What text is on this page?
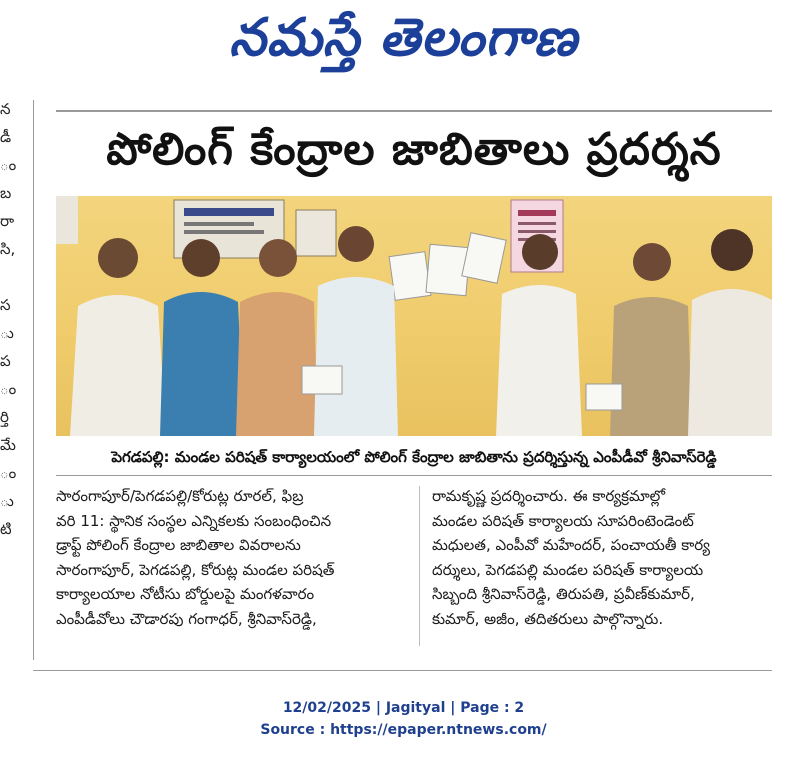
నమస్తే తెలంగాణ
న
డీ
ం
బ
రా
సి,
స
ు
ప
ం
ర్తి
మే
ం
ు
టి
పోలింగ్ కేంద్రాల జాబితాలు ప్రదర్శన
పెగడపల్లి: మండల పరిషత్ కార్యాలయంలో పోలింగ్ కేంద్రాల జాబితాను ప్రదర్శిస్తున్న ఎంపీడీవో శ్రీనివాస్‌రెడ్డి
సారంగాపూర్/పెగడపల్లి/కోరుట్ల రూరల్, ఫిబ్ర
వరి 11: స్థానిక సంస్థల ఎన్నికలకు సంబంధించిన
డ్రాఫ్ట్ పోలింగ్ కేంద్రాల జాబితాల వివరాలను
సారంగాపూర్, పెగడపల్లి, కోరుట్ల మండల పరిషత్
కార్యాలయాల నోటీసు బోర్డులపై మంగళవారం
ఎంపీడీవోలు చౌడారపు గంగాధర్, శ్రీనివాస్‌రెడ్డి,
రామకృష్ణ ప్రదర్శించారు. ఈ కార్యక్రమాల్లో
మండల పరిషత్ కార్యాలయ సూపరింటెండెంట్
మధులత, ఎంపీవో మహేందర్, పంచాయతీ కార్య
దర్శులు, పెగడపల్లి మండల పరిషత్ కార్యాలయ
సిబ్బంది శ్రీనివాస్‌రెడ్డి, తిరుపతి, ప్రవీణ్‌కుమార్,
కుమార్, అజీం, తదితరులు పాల్గొన్నారు.
12/02/2025 | Jagityal | Page : 2
Source : https://epaper.ntnews.com/
